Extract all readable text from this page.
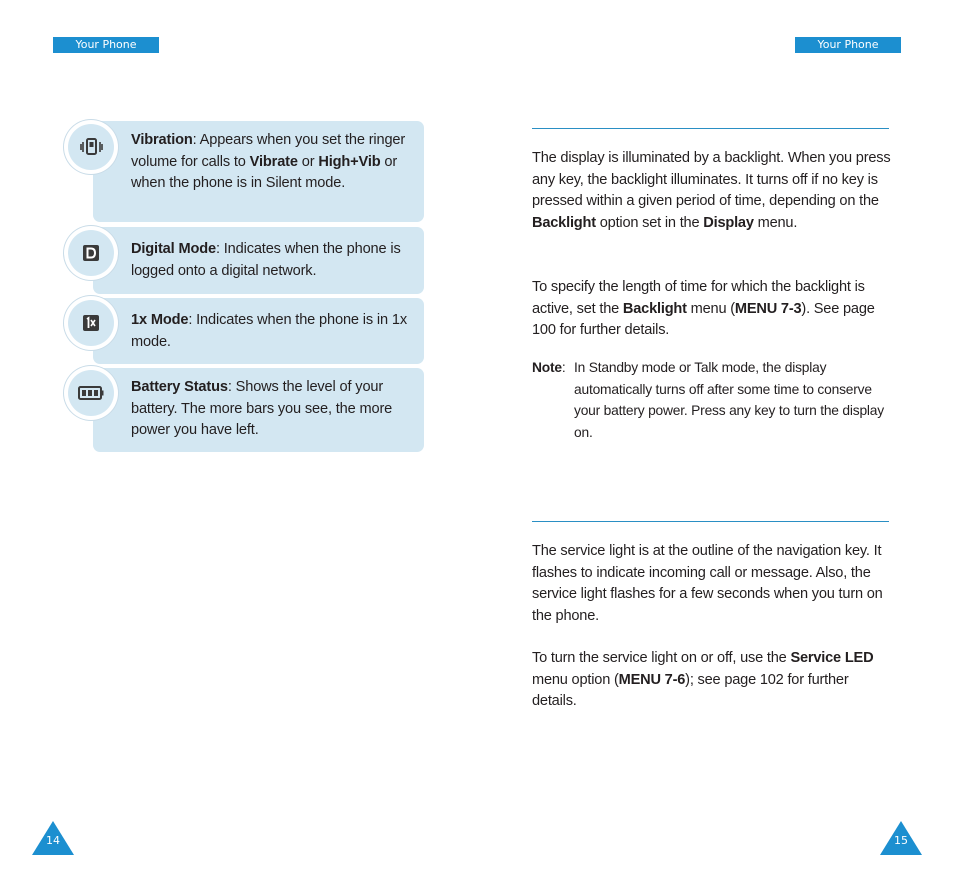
Your Phone	Your Phone
Vibration: Appears when you set the ringer volume for calls to Vibrate or High+Vib or when the phone is in Silent mode.
Digital Mode: Indicates when the phone is logged onto a digital network.
1x Mode: Indicates when the phone is in 1x mode.
Battery Status: Shows the level of your battery. The more bars you see, the more power you have left.
The display is illuminated by a backlight. When you press any key, the backlight illuminates. It turns off if no key is pressed within a given period of time, depending on the Backlight option set in the Display menu.
To specify the length of time for which the backlight is active, set the Backlight menu (MENU 7-3). See page 100 for further details.
Note: In Standby mode or Talk mode, the display automatically turns off after some time to conserve your battery power. Press any key to turn the display on.
The service light is at the outline of the navigation key. It flashes to indicate incoming call or message. Also, the service light flashes for a few seconds when you turn on the phone.
To turn the service light on or off, use the Service LED menu option (MENU 7-6); see page 102 for further details.
14	15
